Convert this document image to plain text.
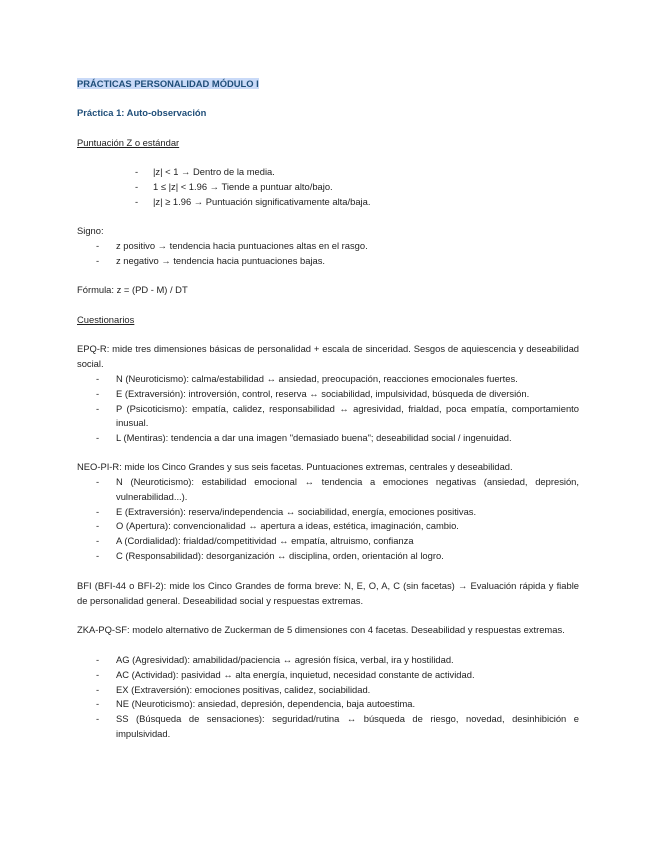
PRÁCTICAS PERSONALIDAD MÓDULO I
Práctica 1: Auto-observación
Puntuación Z o estándar
- |z| < 1 → Dentro de la media.
- 1 ≤ |z| < 1.96 → Tiende a puntuar alto/bajo.
- |z| ≥ 1.96 → Puntuación significativamente alta/baja.
Signo:
- z positivo → tendencia hacia puntuaciones altas en el rasgo.
- z negativo → tendencia hacia puntuaciones bajas.
Fórmula: z = (PD - M) / DT
Cuestionarios
EPQ-R: mide tres dimensiones básicas de personalidad + escala de sinceridad. Sesgos de aquiescencia y deseabilidad social.
- N (Neuroticismo): calma/estabilidad ↔ ansiedad, preocupación, reacciones emocionales fuertes.
- E (Extraversión): introversión, control, reserva ↔ sociabilidad, impulsividad, búsqueda de diversión.
- P (Psicoticismo): empatía, calidez, responsabilidad ↔ agresividad, frialdad, poca empatía, comportamiento inusual.
- L (Mentiras): tendencia a dar una imagen "demasiado buena"; deseabilidad social / ingenuidad.
NEO-PI-R: mide los Cinco Grandes y sus seis facetas. Puntuaciones extremas, centrales y deseabilidad.
- N (Neuroticismo): estabilidad emocional ↔ tendencia a emociones negativas (ansiedad, depresión, vulnerabilidad...).
- E (Extraversión): reserva/independencia ↔ sociabilidad, energía, emociones positivas.
- O (Apertura): convencionalidad ↔ apertura a ideas, estética, imaginación, cambio.
- A (Cordialidad): frialdad/competitividad ↔ empatía, altruismo, confianza
- C (Responsabilidad): desorganización ↔ disciplina, orden, orientación al logro.
BFI (BFI-44 o BFI-2): mide los Cinco Grandes de forma breve: N, E, O, A, C (sin facetas) → Evaluación rápida y fiable de personalidad general. Deseabilidad social y respuestas extremas.
ZKA-PQ-SF: modelo alternativo de Zuckerman de 5 dimensiones con 4 facetas. Deseabilidad y respuestas extremas.
- AG (Agresividad): amabilidad/paciencia ↔ agresión física, verbal, ira y hostilidad.
- AC (Actividad): pasividad ↔ alta energía, inquietud, necesidad constante de actividad.
- EX (Extraversión): emociones positivas, calidez, sociabilidad.
- NE (Neuroticismo): ansiedad, depresión, dependencia, baja autoestima.
- SS (Búsqueda de sensaciones): seguridad/rutina ↔ búsqueda de riesgo, novedad, desinhibición e impulsividad.
